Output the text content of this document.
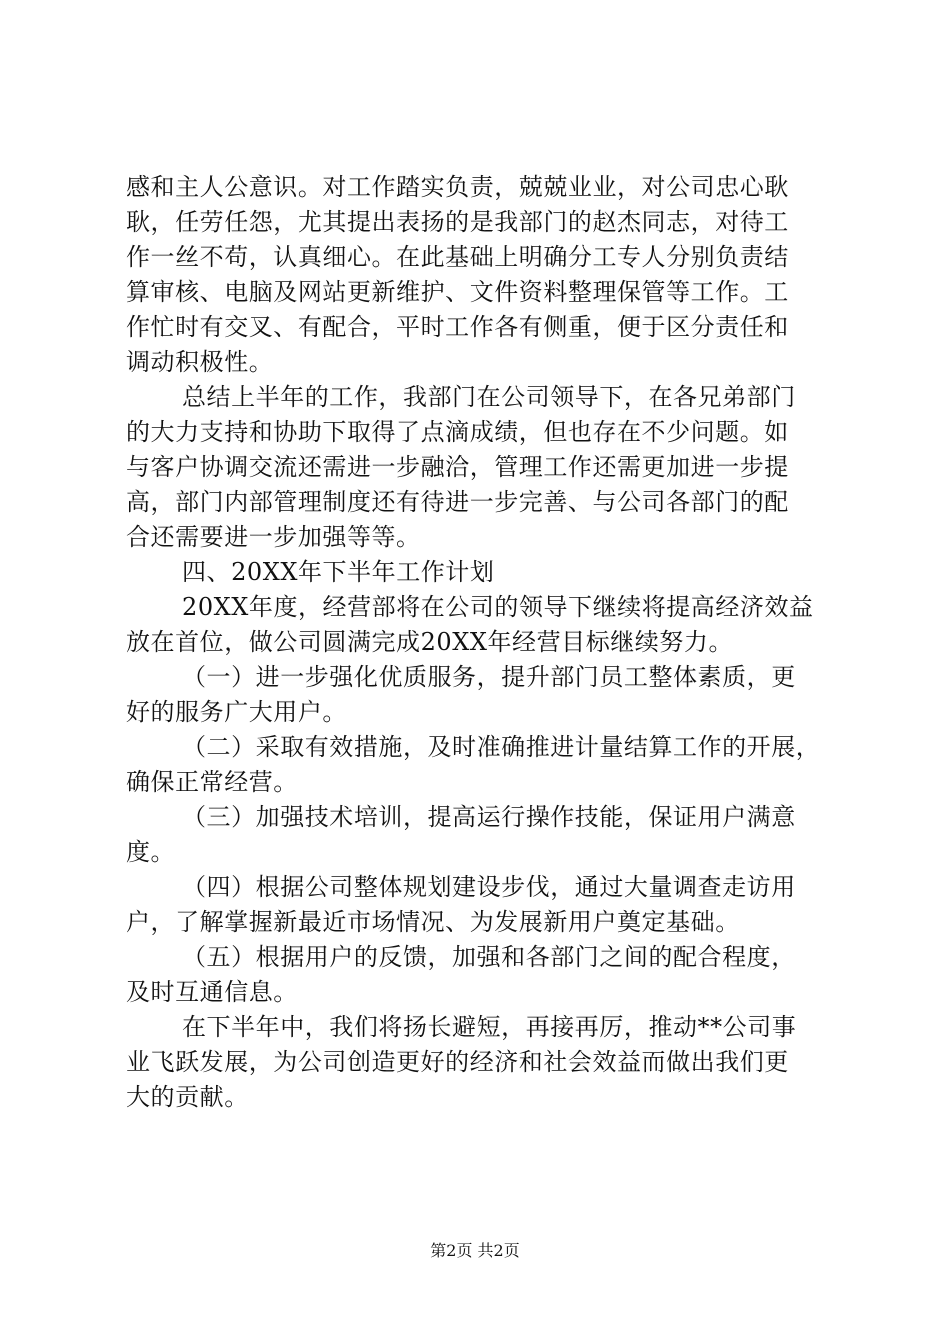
感和主人公意识。对工作踏实负责，兢兢业业，对公司忠心耿
耿，任劳任怨，尤其提出表扬的是我部门的赵杰同志，对待工
作一丝不苟，认真细心。在此基础上明确分工专人分别负责结
算审核、电脑及网站更新维护、文件资料整理保管等工作。工
作忙时有交叉、有配合，平时工作各有侧重，便于区分责任和
调动积极性。
总结上半年的工作，我部门在公司领导下，在各兄弟部门
的大力支持和协助下取得了点滴成绩，但也存在不少问题。如
与客户协调交流还需进一步融洽，管理工作还需更加进一步提
高，部门内部管理制度还有待进一步完善、与公司各部门的配
合还需要进一步加强等等。
四、20XX年下半年工作计划
20XX年度，经营部将在公司的领导下继续将提高经济效益
放在首位，做公司圆满完成20XX年经营目标继续努力。
（一）进一步强化优质服务，提升部门员工整体素质，更
好的服务广大用户。
（二）采取有效措施，及时准确推进计量结算工作的开展，
确保正常经营。
（三）加强技术培训，提高运行操作技能，保证用户满意
度。
（四）根据公司整体规划建设步伐，通过大量调查走访用
户，了解掌握新最近市场情况、为发展新用户奠定基础。
（五）根据用户的反馈，加强和各部门之间的配合程度，
及时互通信息。
在下半年中，我们将扬长避短，再接再厉，推动**公司事
业飞跃发展，为公司创造更好的经济和社会效益而做出我们更
大的贡献。
第2页 共2页
